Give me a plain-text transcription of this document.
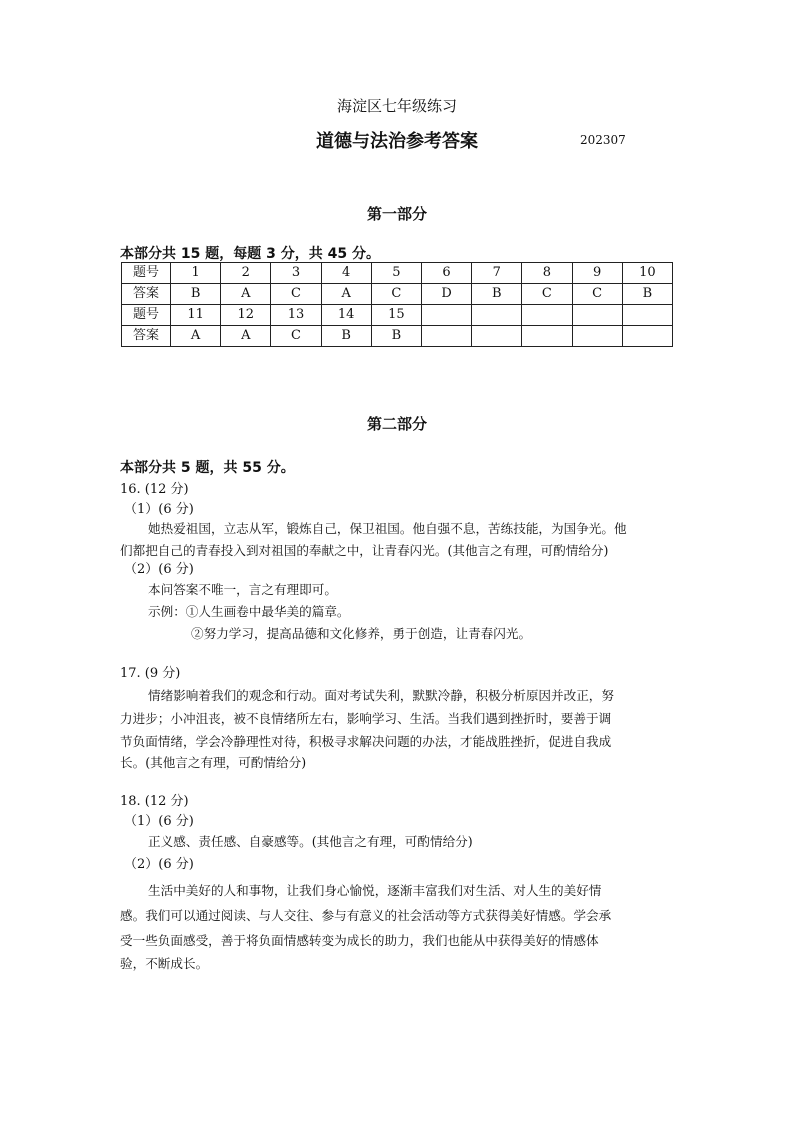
海淀区七年级练习
道德与法治参考答案	202307
第一部分
本部分共 15 题，每题 3 分，共 45 分。
题号	1	2	3	4	5	6	7	8	9	10
答案	B	A	C	A	C	D	B	C	C	B
题号	11	12	13	14	15					
答案	A	A	C	B	B					
第二部分
本部分共 5 题，共 55 分。
16. (12 分)
（1）(6 分)
她热爱祖国，立志从军，锻炼自己，保卫祖国。他自强不息，苦练技能，为国争光。他
们都把自己的青春投入到对祖国的奉献之中，让青春闪光。(其他言之有理，可酌情给分)
（2）(6 分)
本问答案不唯一，言之有理即可。
示例：①人生画卷中最华美的篇章。
②努力学习，提高品德和文化修养，勇于创造，让青春闪光。
17. (9 分)
情绪影响着我们的观念和行动。面对考试失利，默默冷静，积极分析原因并改正，努
力进步；小冲沮丧，被不良情绪所左右，影响学习、生活。当我们遇到挫折时，要善于调
节负面情绪，学会冷静理性对待，积极寻求解决问题的办法，才能战胜挫折，促进自我成
长。(其他言之有理，可酌情给分)
18. (12 分)
（1）(6 分)
正义感、责任感、自豪感等。(其他言之有理，可酌情给分)
（2）(6 分)
生活中美好的人和事物，让我们身心愉悦，逐渐丰富我们对生活、对人生的美好情
感。我们可以通过阅读、与人交往、参与有意义的社会活动等方式获得美好情感。学会承
受一些负面感受，善于将负面情感转变为成长的助力，我们也能从中获得美好的情感体
验，不断成长。
